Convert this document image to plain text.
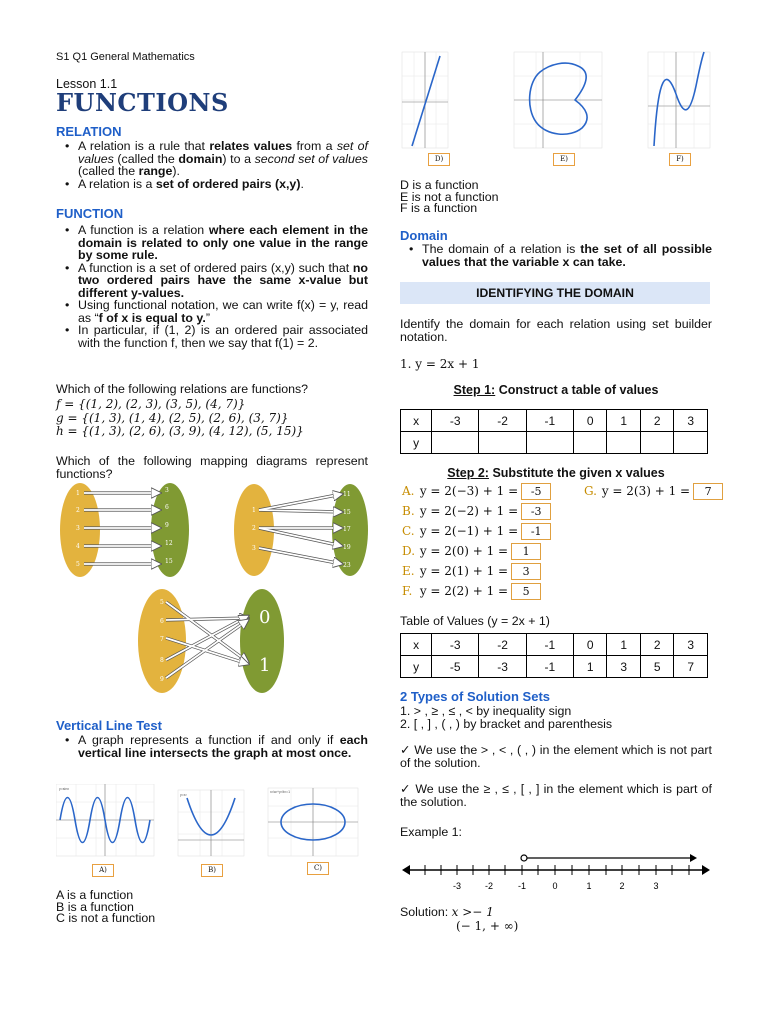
S1 Q1 General Mathematics
Lesson 1.1
FUNCTIONS
RELATION
• A relation is a rule that relates values from a set of values (called the domain) to a second set of values (called the range).
• A relation is a set of ordered pairs (x,y).
FUNCTION
• A function is a relation where each element in the domain is related to only one value in the range by some rule.
• A function is a set of ordered pairs (x,y) such that no two ordered pairs have the same x-value but different y-values.
• Using functional notation, we can write f(x) = y, read as “f of x is equal to y.”
• In particular, if (1, 2) is an ordered pair associated with the function f, then we say that f(1) = 2.
Which of the following relations are functions?
f = {(1, 2), (2, 3), (3, 5), (4, 7)}
g = {(1, 3), (1, 4), (2, 5), (2, 6), (3, 7)}
h = {(1, 3), (2, 6), (3, 9), (4, 12), (5, 15)}
Which of the following mapping diagrams represent functions?
1
2
3
4
5
3
6
9
12
15
1
2
3
11
15
17
19
23
5
6
7
8
9
0
1
Vertical Line Test
• A graph represents a function if and only if each vertical line intersects the graph at most once.
y=sinx
y=x²
x²/a²+y²/b²=1
A)	B)	C)
A is a function
B is a function
C is not a function
D)	E)	F)
D is a function
E is not a function
F is a function
Domain
• The domain of a relation is the set of all possible values that the variable x can take.
IDENTIFYING THE DOMAIN
Identify the domain for each relation using set builder notation.
1. y = 2x + 1
Step 1: Construct a table of values
x	-3	-2	-1	0	1	2	3
y							
Step 2: Substitute the given x values
A. y = 2(−3) + 1 = -5
B. y = 2(−2) + 1 = -3
C. y = 2(−1) + 1 = -1
D. y = 2(0) + 1 = 1
E. y = 2(1) + 1 = 3
F. y = 2(2) + 1 = 5
G. y = 2(3) + 1 = 7
Table of Values (y = 2x + 1)
x	-3	-2	-1	0	1	2	3
y	-5	-3	-1	1	3	5	7
2 Types of Solution Sets
1. > , ≥ , ≤ , < by inequality sign
2. [ , ] , ( , ) by bracket and parenthesis
✓ We use the > , < , ( , ) in the element which is not part of the solution.
✓ We use the ≥ , ≤ , [ , ] in the element which is part of the solution.
Example 1:
-3	-2	-1	0	1	2	3
Solution: x >− 1
(− 1, + ∞)
